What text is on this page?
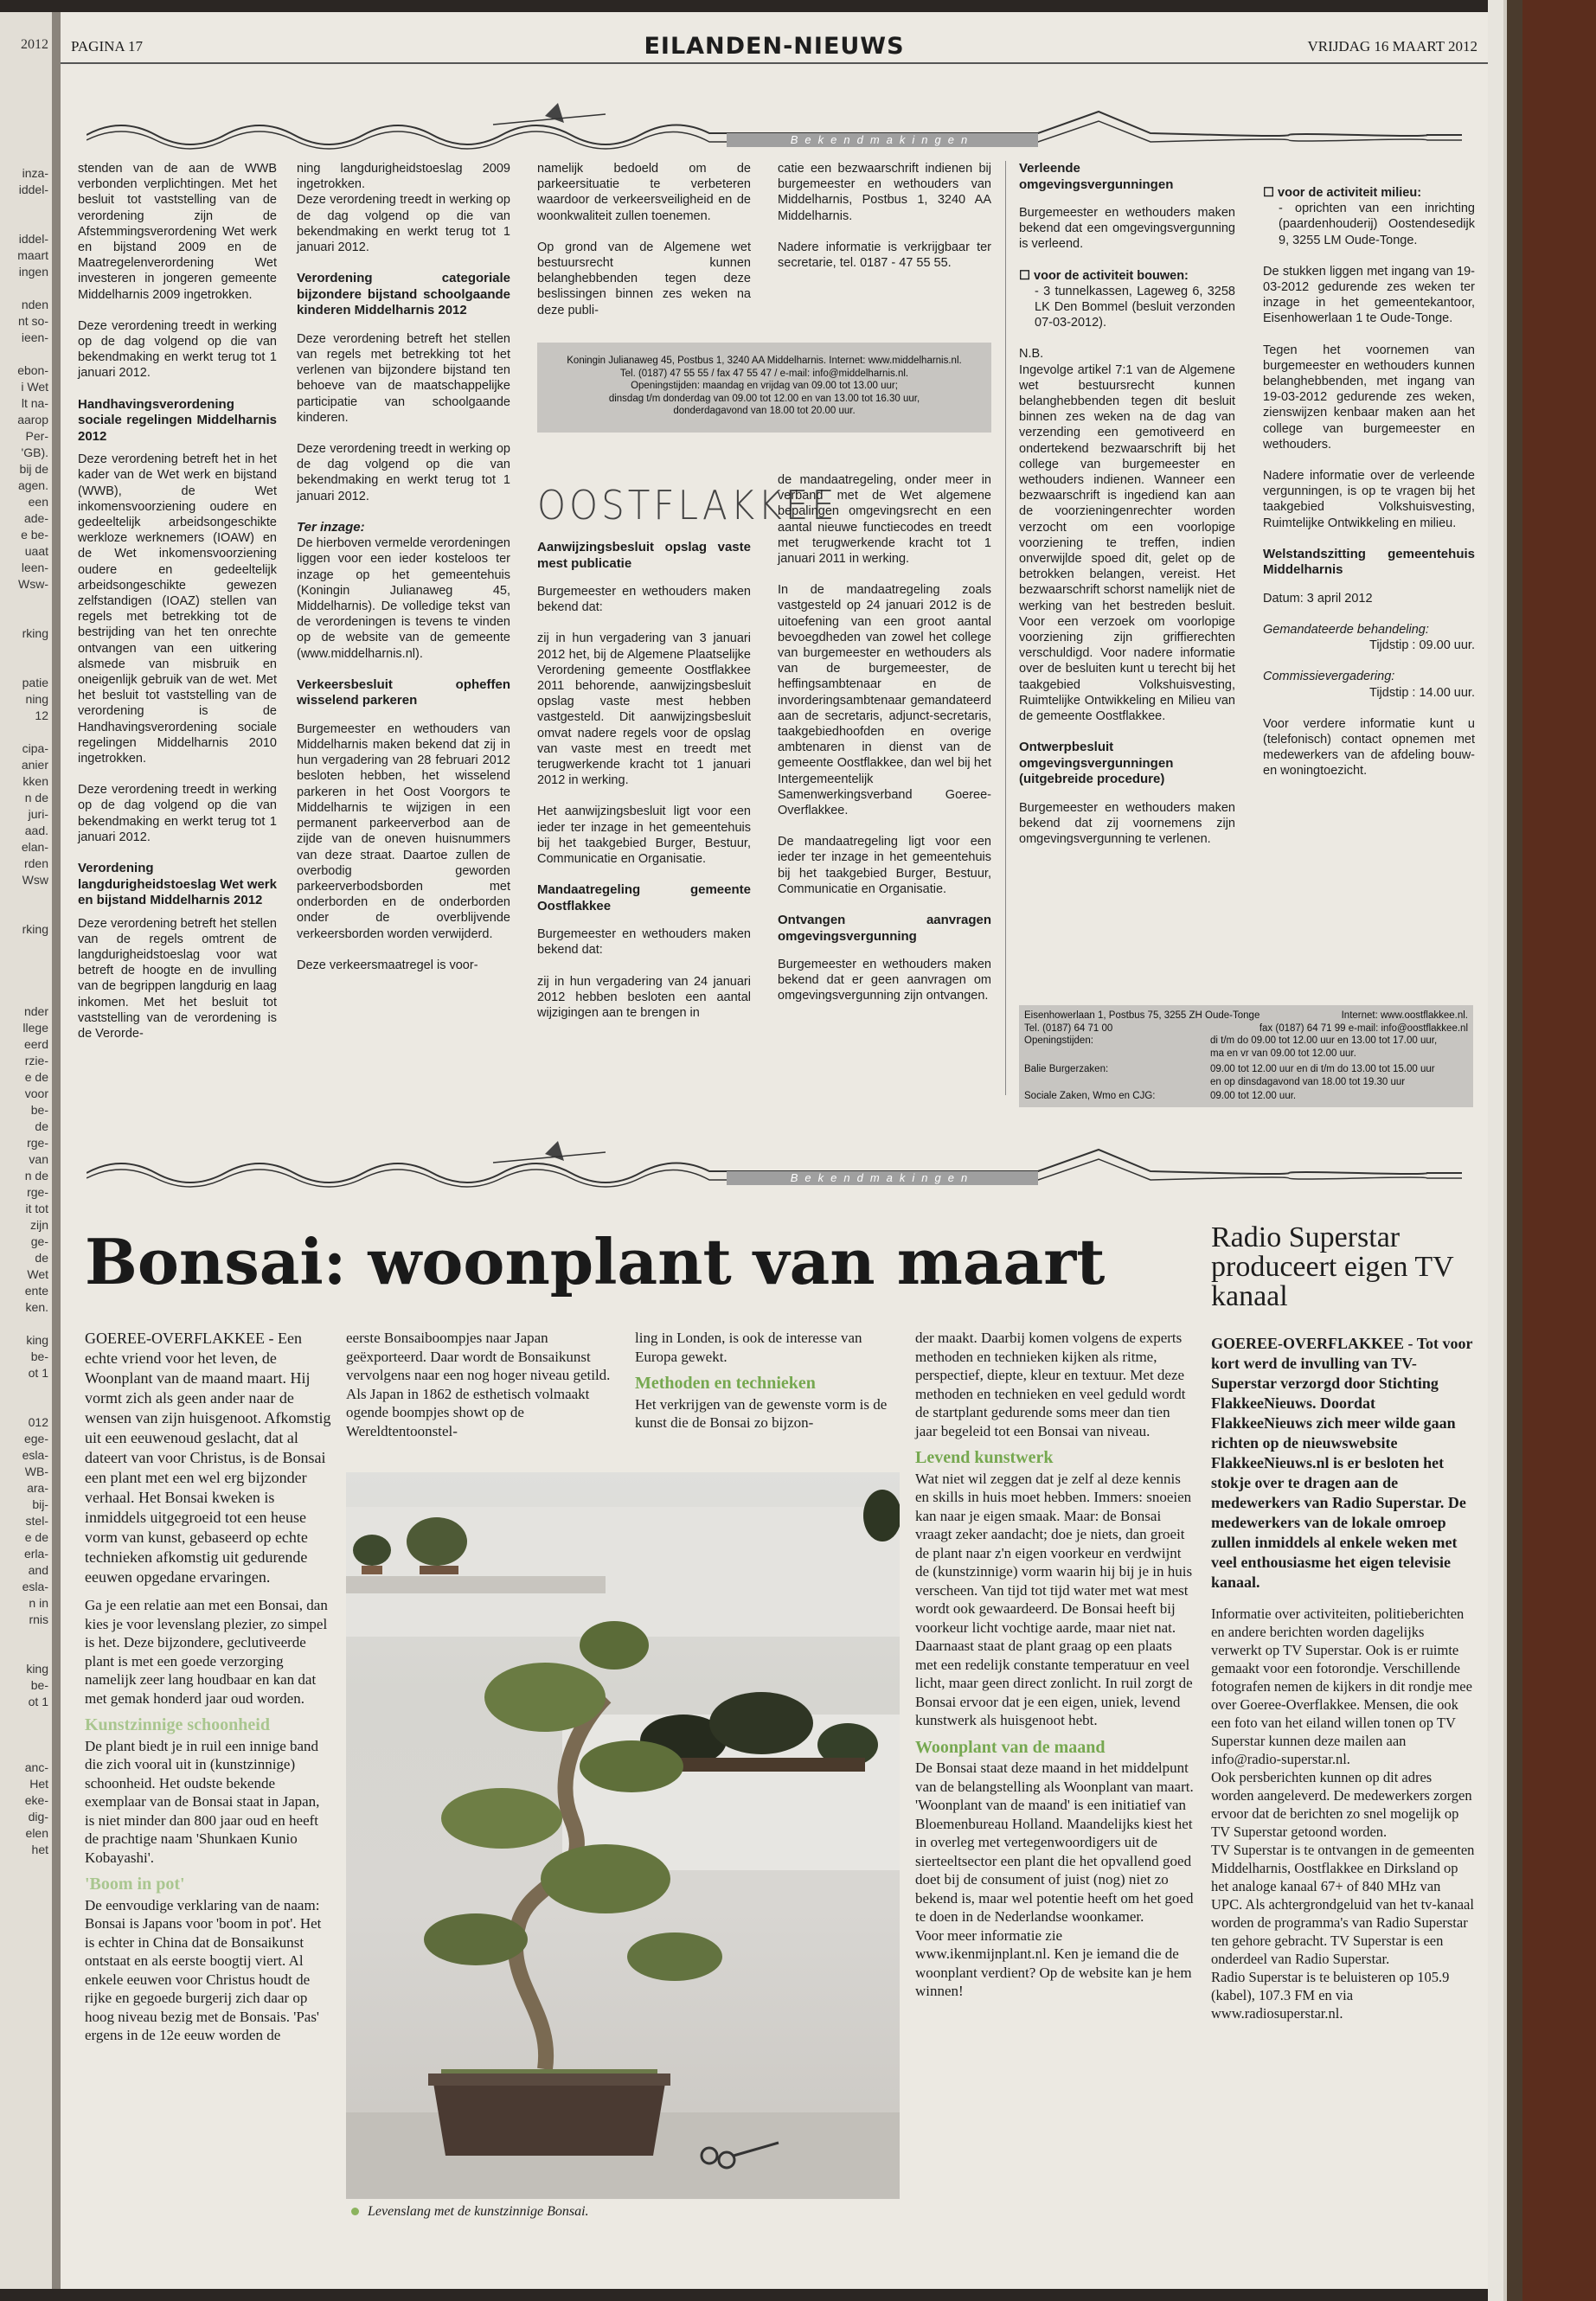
2012

inza-

iddel-

iddel-

maart

ingen

nden

nt so-

ieen-

ebon-

i Wet

lt na-

aarop

Per-

'GB).

bij de

agen.

een

ade-

e be-

uaat

leen-

Wsw-

rking

patie

ning

12

cipa-

anier

kken

n de

juri-

aad.

elan-

rden

Wsw

rking

nder

llege

eerd

rzie-

e de

voor

be-

de

rge-

van

n de

rge-

it tot

zijn

ge-

de

Wet

ente

ken.

king

be-

ot 1

012

ege-

esla-

WB-

ara-

bij-

stel-

e de

erla-

and

esla-

n in

rnis

king

be-

ot 1

anc-

Het

eke-

dig-

elen

het

PAGINA 17	EILANDEN-NIEUWS	VRIJDAG 16 MAART 2012
Bekendmakingen

stenden van de aan de WWB verbonden verplichtingen. Met het besluit tot vaststelling van de verordening zijn de Afstemmingsverordening Wet werk en bijstand 2009 en de Maatregelenverordening Wet investeren in jongeren gemeente Middelharnis 2009 ingetrokken.

Deze verordening treedt in werking op de dag volgend op die van bekendmaking en werkt terug tot 1 januari 2012.

Handhavingsverordening sociale regelingen Middelharnis 2012

Deze verordening betreft het in het kader van de Wet werk en bijstand (WWB), de Wet inkomensvoorziening oudere en gedeeltelijk arbeidsongeschikte werkloze werknemers (IOAW) en de Wet inkomensvoorziening oudere en gedeeltelijk arbeidsongeschikte gewezen zelfstandigen (IOAZ) stellen van regels met betrekking tot de bestrijding van het ten onrechte ontvangen van een uitkering alsmede van misbruik en oneigenlijk gebruik van de wet. Met het besluit tot vaststelling van de verordening is de Handhavingsverordening sociale regelingen Middelharnis 2010 ingetrokken.

Deze verordening treedt in werking op de dag volgend op die van bekendmaking en werkt terug tot 1 januari 2012.

Verordening langdurigheidstoeslag Wet werk en bijstand Middelharnis 2012

Deze verordening betreft het stellen van de regels omtrent de langdurigheidstoeslag voor wat betreft de hoogte en de invulling van de begrippen langdurig en laag inkomen. Met het besluit tot vaststelling van de verordening is de Verorde-

ning langdurigheidstoeslag 2009 ingetrokken.

Deze verordening treedt in werking op de dag volgend op die van bekendmaking en werkt terug tot 1 januari 2012.

Verordening categoriale bijzondere bijstand schoolgaande kinderen Middelharnis 2012

Deze verordening betreft het stellen van regels met betrekking tot het verlenen van bijzondere bijstand ten behoeve van de maatschappelijke participatie van schoolgaande kinderen.

Deze verordening treedt in werking op de dag volgend op die van bekendmaking en werkt terug tot 1 januari 2012.

Ter inzage:

De hierboven vermelde verordeningen liggen voor een ieder kosteloos ter inzage op het gemeentehuis (Koningin Julianaweg 45, Middelharnis). De volledige tekst van de verordeningen is tevens te vinden op de website van de gemeente (www.middelharnis.nl).

Verkeersbesluit opheffen wisselend parkeren

Burgemeester en wethouders van Middelharnis maken bekend dat zij in hun vergadering van 28 februari 2012 besloten hebben, het wisselend parkeren in het Oost Voorgors te Middelharnis te wijzigen in een permanent parkeerverbod aan de zijde van de oneven huisnummers van deze straat. Daartoe zullen de overbodig geworden parkeerverbodsborden met onderborden en de onderborden onder de overblijvende verkeersborden worden verwijderd.

Deze verkeersmaatregel is voor-

namelijk bedoeld om de parkeersituatie te verbeteren waardoor de verkeersveiligheid en de woonkwaliteit zullen toenemen.

Op grond van de Algemene wet bestuursrecht kunnen belanghebbenden tegen deze beslissingen binnen zes weken na deze publi-

catie een bezwaarschrift indienen bij burgemeester en wethouders van Middelharnis, Postbus 1, 3240 AA Middelharnis.

Nadere informatie is verkrijgbaar ter secretarie, tel. 0187 - 47 55 55.

Koningin Julianaweg 45, Postbus 1, 3240 AA Middelharnis. Internet: www.middelharnis.nl.
Tel. (0187) 47 55 55 / fax 47 55 47 / e-mail: info@middelharnis.nl.
Openingstijden: maandag en vrijdag van 09.00 tot 13.00 uur;
dinsdag t/m donderdag van 09.00 tot 12.00 en van 13.00 tot 16.30 uur,
donderdagavond van 18.00 tot 20.00 uur.
OOSTFLAKKEE
Aanwijzingsbesluit opslag vaste mest publicatie

Burgemeester en wethouders maken bekend dat:

zij in hun vergadering van 3 januari 2012 het, bij de Algemene Plaatselijke Verordening gemeente Oostflakkee 2011 behorende, aanwijzingsbesluit opslag vaste mest hebben vastgesteld. Dit aanwijzingsbesluit omvat nadere regels voor de opslag van vaste mest en treedt met terugwerkende kracht tot 1 januari 2012 in werking.

Het aanwijzingsbesluit ligt voor een ieder ter inzage in het gemeentehuis bij het taakgebied Burger, Bestuur, Communicatie en Organisatie.

Mandaatregeling gemeente Oostflakkee

Burgemeester en wethouders maken bekend dat:

zij in hun vergadering van 24 januari 2012 hebben besloten een aantal wijzigingen aan te brengen in

de mandaatregeling, onder meer in verband met de Wet algemene bepalingen omgevingsrecht en een aantal nieuwe functiecodes en treedt met terugwerkende kracht tot 1 januari 2011 in werking.

In de mandaatregeling zoals vastgesteld op 24 januari 2012 is de uitoefening van een groot aantal bevoegdheden van zowel het college van burgemeester en wethouders als van de burgemeester, de heffingsambtenaar en de invorderingsambtenaar gemandateerd aan de secretaris, adjunct-secretaris, taakgebiedhoofden en overige ambtenaren in dienst van de gemeente Oostflakkee, dan wel bij het Intergemeentelijk Samenwerkingsverband Goeree-Overflakkee.

De mandaatregeling ligt voor een ieder ter inzage in het gemeentehuis bij het taakgebied Burger, Bestuur, Communicatie en Organisatie.

Ontvangen aanvragen omgevingsvergunning

Burgemeester en wethouders maken bekend dat er geen aanvragen om omgevingsvergunning zijn ontvangen.

Verleende omgevingsvergunningen

Burgemeester en wethouders maken bekend dat een omgevingsvergunning is verleend.

☐ voor de activiteit bouwen:

- 3 tunnelkassen, Lageweg 6, 3258 LK Den Bommel (besluit verzonden 07-03-2012).

N.B.

Ingevolge artikel 7:1 van de Algemene wet bestuursrecht kunnen belanghebbenden tegen dit besluit binnen zes weken na de dag van verzending een gemotiveerd en ondertekend bezwaarschrift bij het college van burgemeester en wethouders indienen. Wanneer een bezwaarschrift is ingediend kan aan de voorzieningenrechter worden verzocht om een voorlopige voorziening te treffen, indien onverwijlde spoed dit, gelet op de betrokken belangen, vereist. Het bezwaarschrift schorst namelijk niet de werking van het bestreden besluit. Voor een verzoek om voorlopige voorziening zijn griffierechten verschuldigd. Voor nadere informatie over de besluiten kunt u terecht bij het taakgebied Volkshuisvesting, Ruimtelijke Ontwikkeling en Milieu van de gemeente Oostflakkee.

Ontwerpbesluit omgevingsvergunningen (uitgebreide procedure)

Burgemeester en wethouders maken bekend dat zij voornemens zijn omgevingsvergunning te verlenen.

☐ voor de activiteit milieu:

- oprichten van een inrichting (paardenhouderij) Oostendesedijk 9, 3255 LM Oude-Tonge.

De stukken liggen met ingang van 19-03-2012 gedurende zes weken ter inzage in het gemeentekantoor, Eisenhowerlaan 1 te Oude-Tonge.

Tegen het voornemen van burgemeester en wethouders kunnen belanghebbenden, met ingang van 19-03-2012 gedurende zes weken, zienswijzen kenbaar maken aan het college van burgemeester en wethouders.

Nadere informatie over de verleende vergunningen, is op te vragen bij het taakgebied Volkshuisvesting, Ruimtelijke Ontwikkeling en milieu.

Welstandszitting gemeentehuis Middelharnis

Datum: 3 april 2012

Gemandateerde behandeling:

Tijdstip : 09.00 uur.

Commissievergadering:

Tijdstip : 14.00 uur.

Voor verdere informatie kunt u (telefonisch) contact opnemen met medewerkers van de afdeling bouw- en woningtoezicht.

Eisenhowerlaan 1, Postbus 75, 3255 ZH Oude-Tonge	Internet: www.oostflakkee.nl.
Tel. (0187) 64 71 00	fax (0187) 64 71 99 e-mail: info@oostflakkee.nl
Openingstijden:	di t/m do 09.00 tot 12.00 uur en 13.00 tot 17.00 uur,
ma en vr van 09.00 tot 12.00 uur.
Balie Burgerzaken:	09.00 tot 12.00 uur en di t/m do 13.00 tot 15.00 uur
en op dinsdagavond van 18.00 tot 19.30 uur
Sociale Zaken, Wmo en CJG:	09.00 tot 12.00 uur.
Bekendmakingen
Bonsai: woonplant van maart

GOEREE-OVERFLAKKEE - Een echte vriend voor het leven, de Woonplant van de maand maart. Hij vormt zich als geen ander naar de wensen van zijn huisgenoot. Afkomstig uit een eeuwenoud geslacht, dat al dateert van voor Christus, is de Bonsai een plant met een wel erg bijzonder verhaal. Het Bonsai kweken is inmiddels uitgegroeid tot een heuse vorm van kunst, gebaseerd op echte technieken afkomstig uit gedurende eeuwen opgedane ervaringen.

Ga je een relatie aan met een Bonsai, dan kies je voor levenslang plezier, zo simpel is het. Deze bijzondere, geclutiveerde plant is met een goede verzorging namelijk zeer lang houdbaar en kan dat met gemak honderd jaar oud worden.

Kunstzinnige schoonheid

De plant biedt je in ruil een innige band die zich vooral uit in (kunstzinnige) schoonheid. Het oudste bekende exemplaar van de Bonsai staat in Japan, is niet minder dan 800 jaar oud en heeft de prachtige naam 'Shunkaen Kunio Kobayashi'.

'Boom in pot'

De eenvoudige verklaring van de naam: Bonsai is Japans voor 'boom in pot'. Het is echter in China dat de Bonsaikunst ontstaat en als eerste boogtij viert. Al enkele eeuwen voor Christus houdt de rijke en gegoede burgerij zich daar op hoog niveau bezig met de Bonsais. 'Pas' ergens in de 12e eeuw worden de

eerste Bonsaiboompjes naar Japan geëxporteerd. Daar wordt de Bonsaikunst vervolgens naar een nog hoger niveau getild. Als Japan in 1862 de esthetisch volmaakt ogende boompjes showt op de Wereldtentoonstel-

ling in Londen, is ook de interesse van Europa gewekt.

Methoden en technieken

Het verkrijgen van de gewenste vorm is de kunst die de Bonsai zo bijzon-

Levenslang met de kunstzinnige Bonsai.

der maakt. Daarbij komen volgens de experts methoden en technieken kijken als ritme, perspectief, diepte, kleur en textuur. Met deze methoden en technieken en veel geduld wordt de startplant gedurende soms meer dan tien jaar begeleid tot een Bonsai van niveau.

Levend kunstwerk

Wat niet wil zeggen dat je zelf al deze kennis en skills in huis moet hebben. Immers: snoeien kan naar je eigen smaak. Maar: de Bonsai vraagt zeker aandacht; doe je niets, dan groeit de plant naar z'n eigen voorkeur en verdwijnt de (kunstzinnige) vorm waarin hij bij je in huis verscheen. Van tijd tot tijd water met wat mest wordt ook gewaardeerd. De Bonsai heeft bij voorkeur licht vochtige aarde, maar niet nat. Daarnaast staat de plant graag op een plaats met een redelijk constante temperatuur en veel licht, maar geen direct zonlicht. In ruil zorgt de Bonsai ervoor dat je een eigen, uniek, levend kunstwerk als huisgenoot hebt.

Woonplant van de maand

De Bonsai staat deze maand in het middelpunt van de belangstelling als Woonplant van maart. 'Woonplant van de maand' is een initiatief van Bloemenbureau Holland. Maandelijks kiest het in overleg met vertegenwoordigers uit de sierteeltsector een plant die het opvallend goed doet bij de consument of juist (nog) niet zo bekend is, maar wel potentie heeft om het goed te doen in de Nederlandse woonkamer.

Voor meer informatie zie www.ikenmijnplant.nl. Ken je iemand die de woonplant verdient? Op de website kan je hem winnen!

Radio Superstar produceert eigen TV kanaal

GOEREE-OVERFLAKKEE - Tot voor kort werd de invulling van TV-Superstar verzorgd door Stichting FlakkeeNieuws. Doordat FlakkeeNieuws zich meer wilde gaan richten op de nieuwswebsite FlakkeeNieuws.nl is er besloten het stokje over te dragen aan de medewerkers van Radio Superstar. De medewerkers van de lokale omroep zullen inmiddels al enkele weken met veel enthousiasme het eigen televisie kanaal.

Informatie over activiteiten, politieberichten en andere berichten worden dagelijks verwerkt op TV Superstar. Ook is er ruimte gemaakt voor een fotorondje. Verschillende fotografen nemen de kijkers in dit rondje mee over Goeree-Overflakkee. Mensen, die ook een foto van het eiland willen tonen op TV Superstar kunnen deze mailen aan info@radio-superstar.nl.

Ook persberichten kunnen op dit adres worden aangeleverd. De medewerkers zorgen ervoor dat de berichten zo snel mogelijk op TV Superstar getoond worden.

TV Superstar is te ontvangen in de gemeenten Middelharnis, Oostflakkee en Dirksland op het analoge kanaal 67+ of 840 MHz van UPC. Als achtergrondgeluid van het tv-kanaal worden de programma's van Radio Superstar ten gehore gebracht. TV Superstar is een onderdeel van Radio Superstar.

Radio Superstar is te beluisteren op 105.9 (kabel), 107.3 FM en via www.radiosuperstar.nl.
